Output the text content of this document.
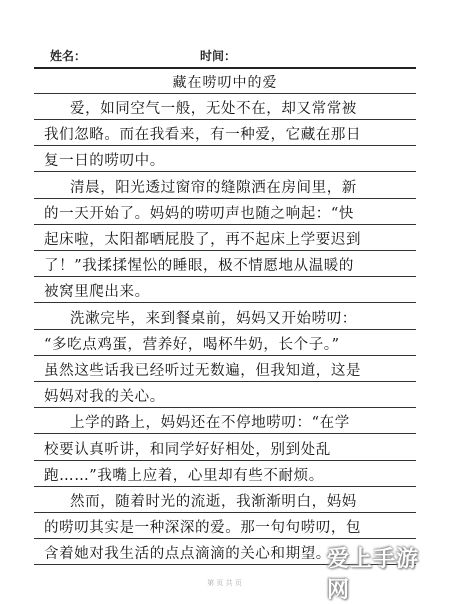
姓名：	时间：
藏在唠叨中的爱
爱，如同空气一般，无处不在，却又常常被
我们忽略。而在我看来，有一种爱，它藏在那日
复一日的唠叨中。
清晨，阳光透过窗帘的缝隙洒在房间里，新
的一天开始了。妈妈的唠叨声也随之响起：“快
起床啦，太阳都晒屁股了，再不起床上学要迟到
了！”我揉揉惺忪的睡眼，极不情愿地从温暖的
被窝里爬出来。
洗漱完毕，来到餐桌前，妈妈又开始唠叨：
“多吃点鸡蛋，营养好，喝杯牛奶，长个子。”
虽然这些话我已经听过无数遍，但我知道，这是
妈妈对我的关心。
上学的路上，妈妈还在不停地唠叨：“在学
校要认真听讲，和同学好好相处，别到处乱
跑……”我嘴上应着，心里却有些不耐烦。
然而，随着时光的流逝，我渐渐明白，妈妈
的唠叨其实是一种深深的爱。那一句句唠叨，包
含着她对我生活的点点滴滴的关心和期望。
第 页 共 页
爱上手游网
